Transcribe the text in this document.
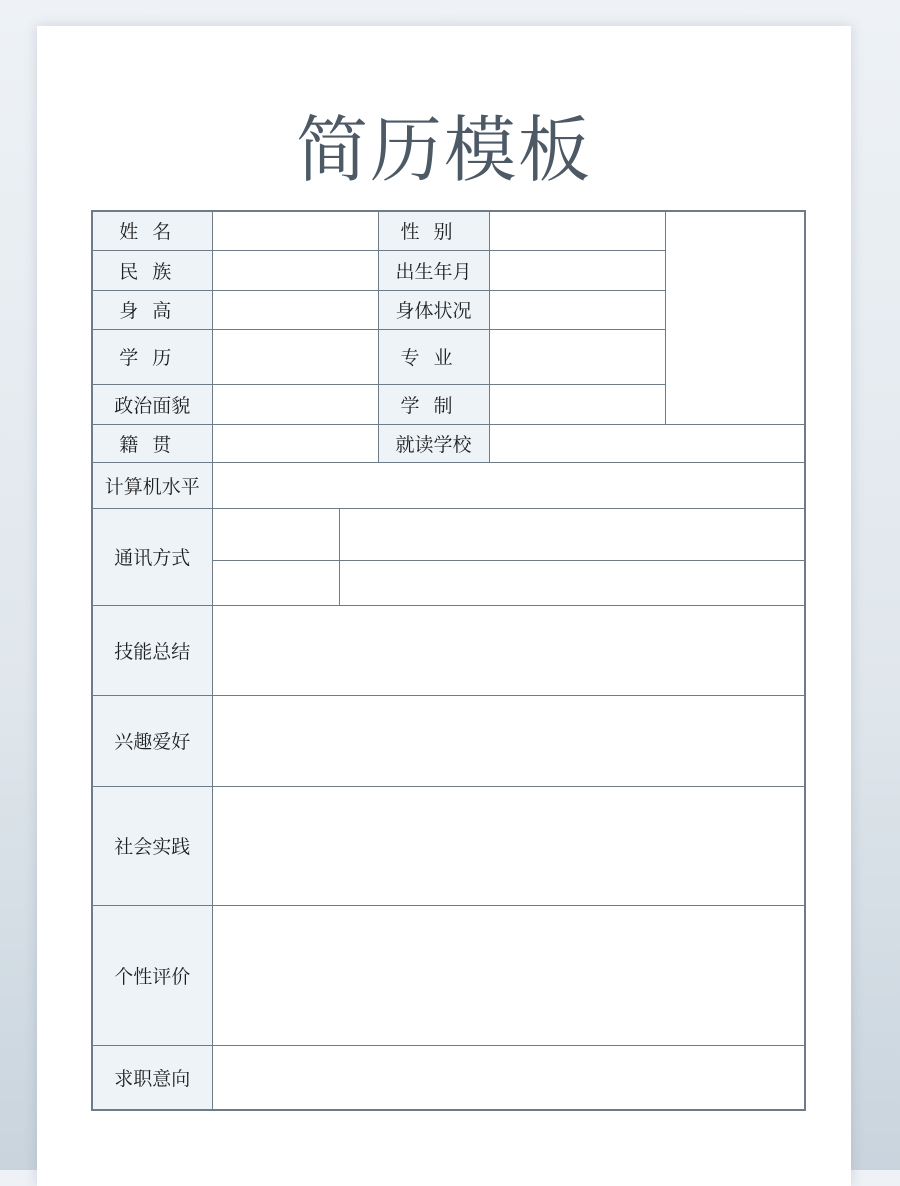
简历模板
姓名			性别		
民族			出生年月		
身高			身体状况		
学历			专业		
政治面貌			学制		
籍贯			就读学校		
计算机水平					
通讯方式					

技能总结					
兴趣爱好					
社会实践					
个性评价					
求职意向					
